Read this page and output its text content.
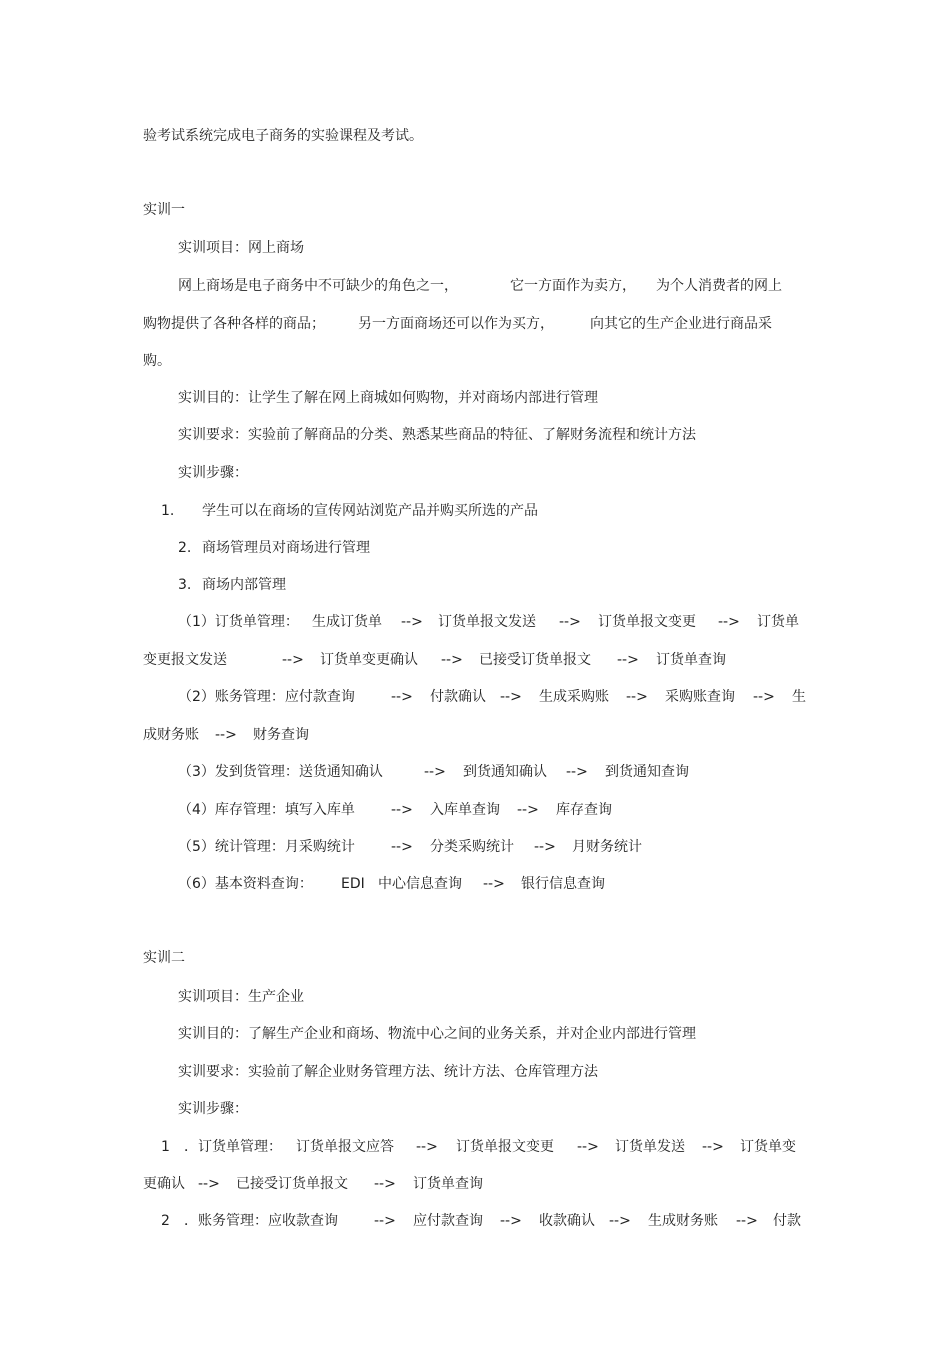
验考试系统完成电子商务的实验课程及考试。
实训一
实训项目：网上商场
网上商场是电子商务中不可缺少的角色之一，	它一方面作为卖方， 为个人消费者的网上
购物提供了各种各样的商品； 另一方面商场还可以作为买方，	向其它的生产企业进行商品采
购。
实训目的：让学生了解在网上商城如何购物，并对商场内部进行管理
实训要求：实验前了解商品的分类、熟悉某些商品的特征、了解财务流程和统计方法
实训步骤：
1. 学生可以在商场的宣传网站浏览产品并购买所选的产品
2. 商场管理员对商场进行管理
3. 商场内部管理
（1）订货单管理： 生成订货单 --> 订货单报文发送 --> 订货单报文变更 --> 订货单
变更报文发送	--> 订货单变更确认 --> 已接受订货单报文 --> 订货单查询
（2）账务管理：应付款查询	--> 付款确认 --> 生成采购账 --> 采购账查询 --> 生
成财务账 --> 财务查询
（3）发到货管理：送货通知确认	--> 到货通知确认 --> 到货通知查询
（4）库存管理：填写入库单	--> 入库单查询 --> 库存查询
（5）统计管理：月采购统计	--> 分类采购统计 --> 月财务统计
（6）基本资料查询： EDI 中心信息查询 --> 银行信息查询
实训二
实训项目：生产企业
实训目的：了解生产企业和商场、物流中心之间的业务关系，并对企业内部进行管理
实训要求：实验前了解企业财务管理方法、统计方法、仓库管理方法
实训步骤：
1 ．订货单管理： 订货单报文应答 --> 订货单报文变更 --> 订货单发送 --> 订货单变
更确认 --> 已接受订货单报文 --> 订货单查询
2 ．账务管理：应收款查询	--> 应付款查询 --> 收款确认 --> 生成财务账 --> 付款
